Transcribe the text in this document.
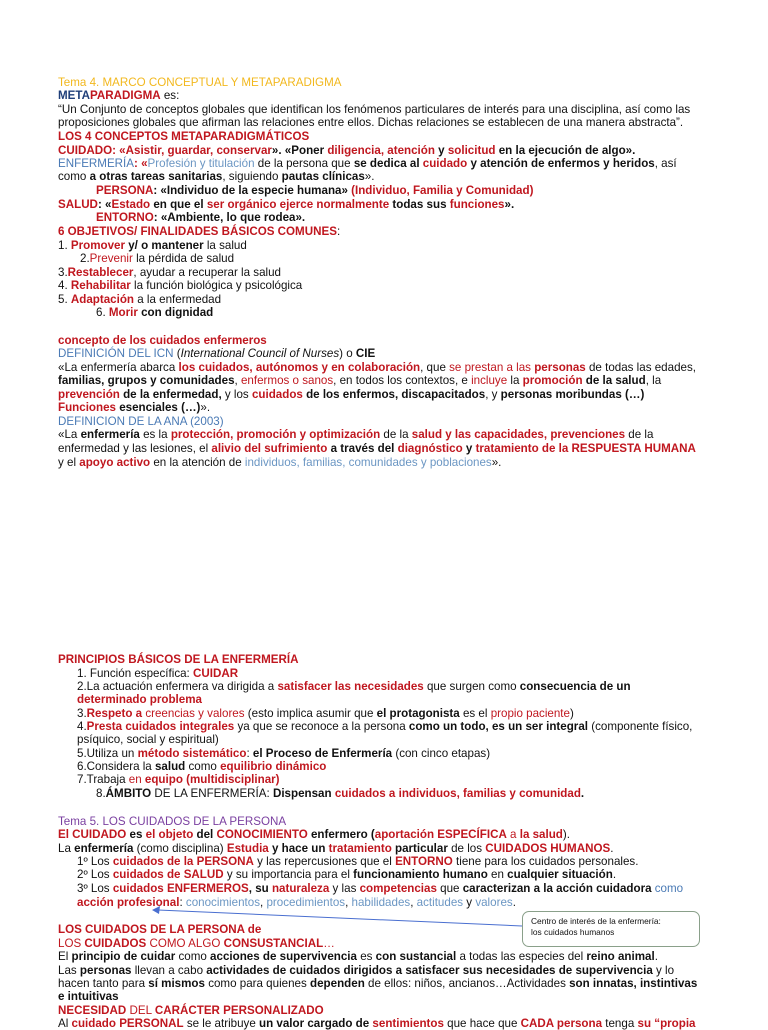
Tema 4. MARCO CONCEPTUAL Y METAPARADIGMA
METAPARADIGMA es:
“Un Conjunto de conceptos globales que identifican los fenómenos particulares de interés para una disciplina, así como las
proposiciones globales que afirman las relaciones entre ellos. Dichas relaciones se establecen de una manera abstracta”.
LOS 4 CONCEPTOS METAPARADIGMÁTICOS
CUIDADO: «Asistir, guardar, conservar». «Poner diligencia, atención y solicitud en la ejecución de algo».
ENFERMERÍA: «Profesión y titulación de la persona que se dedica al cuidado y atención de enfermos y heridos, así
como a otras tareas sanitarias, siguiendo pautas clínicas».
PERSONA: «Individuo de la especie humana» (Individuo, Familia y Comunidad)
SALUD: «Estado en que el ser orgánico ejerce normalmente todas sus funciones».
ENTORNO: «Ambiente, lo que rodea».
6 OBJETIVOS/ FINALIDADES BÁSICOS COMUNES:
1. Promover y/ o mantener la salud
2.Prevenir la pérdida de salud
3.Restablecer, ayudar a recuperar la salud
4. Rehabilitar la función biológica y psicológica
5. Adaptación a la enfermedad
6. Morir con dignidad
concepto de los cuidados enfermeros
DEFINICIÓN DEL ICN (International Council of Nurses) o CIE
«La enfermería abarca los cuidados, autónomos y en colaboración, que se prestan a las personas de todas las edades,
familias, grupos y comunidades, enfermos o sanos, en todos los contextos, e incluye la promoción de la salud, la
prevención de la enfermedad, y los cuidados de los enfermos, discapacitados, y personas moribundas (…)
Funciones esenciales (…)».
DEFINICION DE LA ANA (2003)
«La enfermería es la protección, promoción y optimización de la salud y las capacidades, prevenciones de la
enfermedad y las lesiones, el alivio del sufrimiento a través del diagnóstico y tratamiento de la RESPUESTA HUMANA
y el apoyo activo en la atención de individuos, familias, comunidades y poblaciones».
PRINCIPIOS BÁSICOS DE LA ENFERMERÍA
1. Función específica: CUIDAR
2.La actuación enfermera va dirigida a satisfacer las necesidades que surgen como consecuencia de un
determinado problema
3.Respeto a creencias y valores (esto implica asumir que el protagonista es el propio paciente)
4.Presta cuidados integrales ya que se reconoce a la persona como un todo, es un ser integral (componente físico,
psíquico, social y espiritual)
5.Utiliza un método sistemático: el Proceso de Enfermería (con cinco etapas)
6.Considera la salud como equilibrio dinámico
7.Trabaja en equipo (multidisciplinar)
8.ÁMBITO DE LA ENFERMERÍA: Dispensan cuidados a individuos, familias y comunidad.
Tema 5. LOS CUIDADOS DE LA PERSONA
El CUIDADO es el objeto del CONOCIMIENTO enfermero (aportación ESPECÍFICA a la salud).
La enfermería (como disciplina) Estudia y hace un tratamiento particular de los CUIDADOS HUMANOS.
1º Los cuidados de la PERSONA y las repercusiones que el ENTORNO tiene para los cuidados personales.
2º Los cuidados de SALUD y su importancia para el funcionamiento humano en cualquier situación.
3º Los cuidados ENFERMEROS, su naturaleza y las competencias que caracterizan a la acción cuidadora como
acción profesional: conocimientos, procedimientos, habilidades, actitudes y valores.
Centro de interés de la enfermería:
los cuidados humanos
LOS CUIDADOS DE LA PERSONA de
LOS CUIDADOS COMO ALGO CONSUSTANCIAL…
El principio de cuidar como acciones de supervivencia es con sustancial a todas las especies del reino animal.
Las personas llevan a cabo actividades de cuidados dirigidos a satisfacer sus necesidades de supervivencia y lo
hacen tanto para sí mismos como para quienes dependen de ellos: niños, ancianos…Actividades son innatas, instintivas
e intuitivas
NECESIDAD DEL CARÁCTER PERSONALIZADO
Al cuidado PERSONAL se le atribuye un valor cargado de sentimientos que hace que CADA persona tenga su “propia
